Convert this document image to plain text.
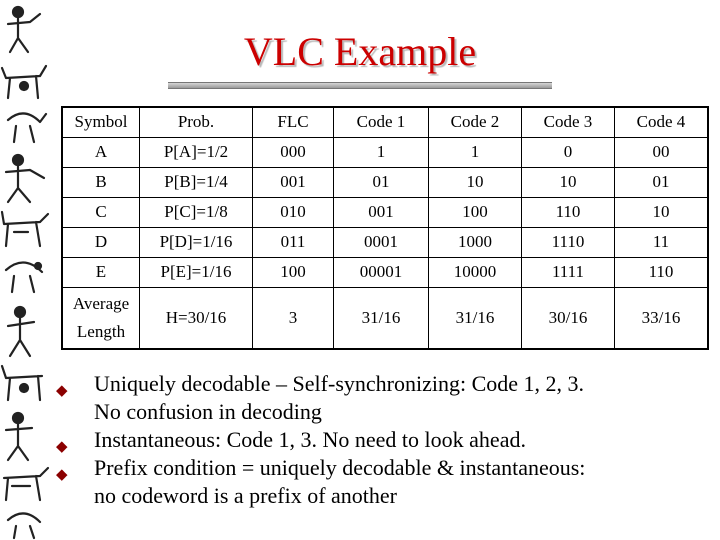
VLC Example
Symbol	Prob.	FLC	Code 1	Code 2	Code 3	Code 4
A	P[A]=1/2	000	1	1	0	00
B	P[B]=1/4	001	01	10	10	01
C	P[C]=1/8	010	001	100	110	10
D	P[D]=1/16	011	0001	1000	1110	11
E	P[E]=1/16	100	00001	10000	1111	110

Average
Length	H=30/16	3	31/16	31/16	30/16	33/16
◆ Uniquely decodable – Self-synchronizing: Code 1, 2, 3.
No confusion in decoding
◆ Instantaneous: Code 1, 3. No need to look ahead.
◆ Prefix condition = uniquely decodable & instantaneous:
no codeword is a prefix of another
